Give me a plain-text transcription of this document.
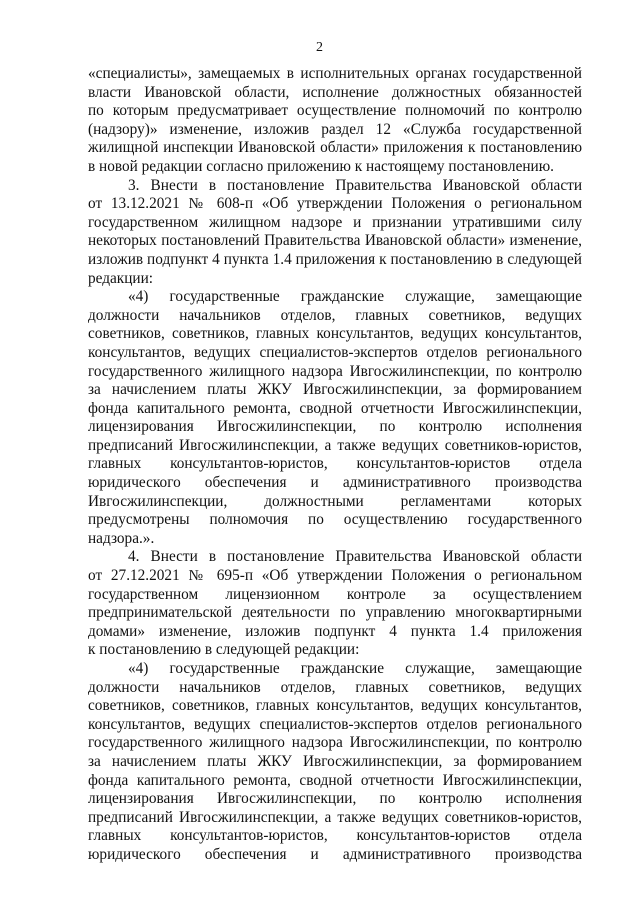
2
«специалисты», замещаемых в исполнительных органах государственной
власти Ивановской области, исполнение должностных обязанностей
по которым предусматривает осуществление полномочий по контролю
(надзору)» изменение, изложив раздел 12 «Служба государственной
жилищной инспекции Ивановской области» приложения к постановлению
в новой редакции согласно приложению к настоящему постановлению.
3. Внести в постановление Правительства Ивановской области
от 13.12.2021 № 608-п «Об утверждении Положения о региональном
государственном жилищном надзоре и признании утратившими силу
некоторых постановлений Правительства Ивановской области» изменение,
изложив подпункт 4 пункта 1.4 приложения к постановлению в следующей
редакции:
«4) государственные гражданские служащие, замещающие
должности начальников отделов, главных советников, ведущих
советников, советников, главных консультантов, ведущих консультантов,
консультантов, ведущих специалистов-экспертов отделов регионального
государственного жилищного надзора Ивгосжилинспекции, по контролю
за начислением платы ЖКУ Ивгосжилинспекции, за формированием
фонда капитального ремонта, сводной отчетности Ивгосжилинспекции,
лицензирования Ивгосжилинспекции, по контролю исполнения
предписаний Ивгосжилинспекции, а также ведущих советников-юристов,
главных консультантов-юристов, консультантов-юристов отдела
юридического обеспечения и административного производства
Ивгосжилинспекции, должностными регламентами которых
предусмотрены полномочия по осуществлению государственного
надзора.».
4. Внести в постановление Правительства Ивановской области
от 27.12.2021 № 695-п «Об утверждении Положения о региональном
государственном лицензионном контроле за осуществлением
предпринимательской деятельности по управлению многоквартирными
домами» изменение, изложив подпункт 4 пункта 1.4 приложения
к постановлению в следующей редакции:
«4) государственные гражданские служащие, замещающие
должности начальников отделов, главных советников, ведущих
советников, советников, главных консультантов, ведущих консультантов,
консультантов, ведущих специалистов-экспертов отделов регионального
государственного жилищного надзора Ивгосжилинспекции, по контролю
за начислением платы ЖКУ Ивгосжилинспекции, за формированием
фонда капитального ремонта, сводной отчетности Ивгосжилинспекции,
лицензирования Ивгосжилинспекции, по контролю исполнения
предписаний Ивгосжилинспекции, а также ведущих советников-юристов,
главных консультантов-юристов, консультантов-юристов отдела
юридического обеспечения и административного производства
